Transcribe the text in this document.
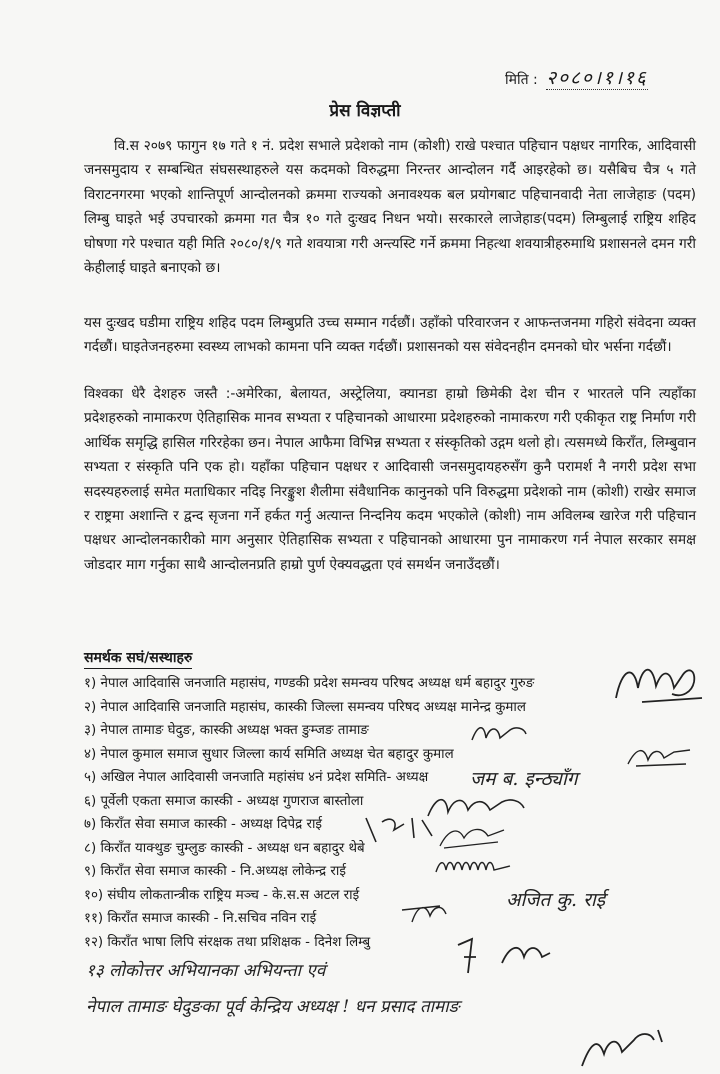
मिति : २०८०।१।१६
प्रेस विज्ञप्ती

वि.स २०७९ फागुन १७ गते १ नं. प्रदेश सभाले प्रदेशको नाम (कोशी) राखे पश्चात पहिचान पक्षधर नागरिक, आदिवासी जनसमुदाय र सम्बन्धित संघसस्थाहरुले यस कदमको विरुद्धमा निरन्तर आन्दोलन गर्दै आइरहेको छ। यसैबिच चैत्र ५ गते विराटनगरमा भएको शान्तिपूर्ण आन्दोलनको क्रममा राज्यको अनावश्यक बल प्रयोगबाट पहिचानवादी नेता लाजेहाङ (पदम) लिम्बु घाइते भई उपचारको क्रममा गत चैत्र १० गते दुःखद निधन भयो। सरकारले लाजेहाङ(पदम) लिम्बुलाई राष्ट्रिय शहिद घोषणा गरे पश्चात यही मिति २०८०/१/९ गते शवयात्रा गरी अन्त्यस्टि गर्ने क्रममा निहत्था शवयात्रीहरुमाथि प्रशासनले दमन गरी केहीलाई घाइते बनाएको छ।

यस दुःखद घडीमा राष्ट्रिय शहिद पदम लिम्बुप्रति उच्च सम्मान गर्दछौं। उहाँको परिवारजन र आफन्तजनमा गहिरो संवेदना व्यक्त गर्दछौं। घाइतेजनहरुमा स्वस्थ्य लाभको कामना पनि व्यक्त गर्दछौं। प्रशासनको यस संवेदनहीन दमनको घोर भर्सना गर्दछौं।

विश्वका धेरै देशहरु जस्तै :-अमेरिका, बेलायत, अस्ट्रेलिया, क्यानडा हाम्रो छिमेकी देश चीन र भारतले पनि त्यहाँका प्रदेशहरुको नामाकरण ऐतिहासिक मानव सभ्यता र पहिचानको आधारमा प्रदेशहरुको नामाकरण गरी एकीकृत राष्ट्र निर्माण गरी आर्थिक समृद्धि हासिल गरिरहेका छन। नेपाल आफैमा विभिन्न सभ्यता र संस्कृतिको उद्गम थलो हो। त्यसमध्ये किराँत, लिम्बुवान सभ्यता र संस्कृति पनि एक हो। यहाँका पहिचान पक्षधर र आदिवासी जनसमुदायहरुसँग कुनै परामर्श नै नगरी प्रदेश सभा सदस्यहरुलाई समेत मताधिकार नदिइ निरङ्कुश शैलीमा संवैधानिक कानुनको पनि विरुद्धमा प्रदेशको नाम (कोशी) राखेर समाज र राष्ट्रमा अशान्ति र द्वन्द सृजना गर्ने हर्कत गर्नु अत्यान्त निन्दनिय कदम भएकोले (कोशी) नाम अविलम्ब खारेज गरी पहिचान पक्षधर आन्दोलनकारीको माग अनुसार ऐतिहासिक सभ्यता र पहिचानको आधारमा पुन नामाकरण गर्न नेपाल सरकार समक्ष जोडदार माग गर्नुका साथै आन्दोलनप्रति हाम्रो पुर्ण ऐक्यवद्धता एवं समर्थन जनाउँदछौं।

समर्थक सघं/सस्थाहरु
१) नेपाल आदिवासि जनजाति महासंघ, गण्डकी प्रदेश समन्वय परिषद अध्यक्ष धर्म बहादुर गुरुङ
२) नेपाल आदिवासि जनजाति महासंघ, कास्की जिल्ला समन्वय परिषद अध्यक्ष मानेन्द्र कुमाल
३) नेपाल तामाङ घेदुङ, कास्की अध्यक्ष भक्त ङुम्जङ तामाङ
४) नेपाल कुमाल समाज सुधार जिल्ला कार्य समिति अध्यक्ष चेत बहादुर कुमाल
५) अखिल नेपाल आदिवासी जनजाति महांसंघ ४नं प्रदेश समिति- अध्यक्ष
६) पूर्वेली एकता समाज कास्की - अध्यक्ष गुणराज बास्तोला
७) किराँत सेवा समाज कास्की - अध्यक्ष दिपेद्र राई
८) किराँत याक्थुङ चुम्लुङ कास्की - अध्यक्ष धन बहादुर थेबे
९) किराँत सेवा समाज कास्की - नि.अध्यक्ष लोकेन्द्र राई
१०) संघीय लोकतान्त्रीक राष्ट्रिय मञ्च - के.स.स अटल राई
११) किराँत समाज कास्की - नि.सचिव नविन राई
१२) किराँत भाषा लिपि संरक्षक तथा प्रशिक्षक - दिनेश लिम्बु
१३ लोकोत्तर अभियानका अभियन्ता एवं
नेपाल तामाङ घेदुङका पूर्व केन्द्रिय अध्यक्ष ! धन प्रसाद तामाङ
जम ब. इन्ठ्याँग
अजित कु. राई
